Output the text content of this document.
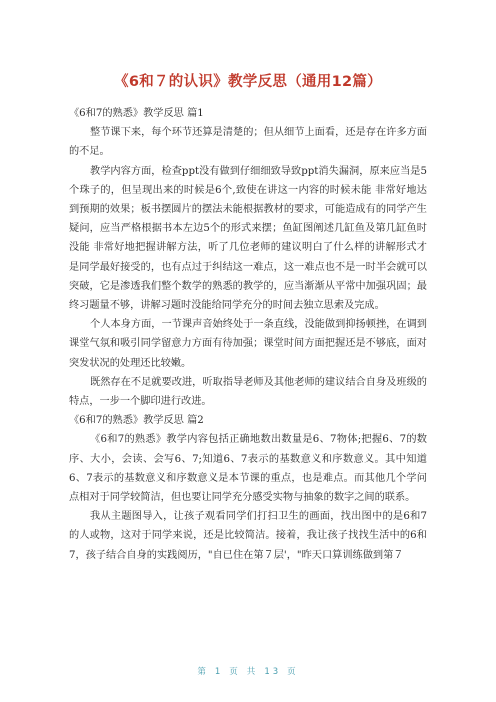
《6和７的认识》教学反思（通用12篇）

《6和7的熟悉》教学反思 篇1

整节课下来，每个环节还算是清楚的；但从细节上面看，还是存在许多方面的不足。

教学内容方面，检查ppt没有做到仔细细致导致ppt消失漏洞，原来应当是5个珠子的，但呈现出来的时候是6个,致使在讲这一内容的时候未能 非常好地达到预期的效果；板书摆圆片的摆法未能根据教材的要求，可能造成有的同学产生疑问，应当严格根据书本左边5个的形式来摆；鱼缸图阐述几缸鱼及第几缸鱼时没能 非常好地把握讲解方法，听了几位老师的建议明白了什么样的讲解形式才是同学最好接受的，也有点过于纠结这一难点，这一难点也不是一时半会就可以突破，它是渗透我们整个数学的熟悉的教学的，应当渐渐从平常中加强巩固；最终习题量不够，讲解习题时没能给同学充分的时间去独立思索及完成。

个人本身方面，一节课声音始终处于一条直线，没能做到抑扬顿挫，在调到课堂气氛和吸引同学留意力方面有待加强；课堂时间方面把握还是不够底，面对突发状况的处理还比较嫩。

既然存在不足就要改进，听取指导老师及其他老师的建议结合自身及班级的特点，一步一个脚印进行改进。

《6和7的熟悉》教学反思 篇2

《6和7的熟悉》教学内容包括正确地数出数量是6、7物体;把握6、7的数序、大小，会读、会写6、7;知道6、7表示的基数意义和序数意义。其中知道6、7表示的基数意义和序数意义是本节课的重点，也是难点。而其他几个学问点相对于同学较简洁，但也要让同学充分感受实物与抽象的数字之间的联系。

我从主题图导入，让孩子观看同学们打扫卫生的画面，找出图中的是6和7的人或物，这对于同学来说，还是比较简洁。接着，我让孩子找找生活中的6和7，孩子结合自身的实践阅历，"自已住在第７层'，"昨天口算训练做到第７

第 1 页 共 13 页
